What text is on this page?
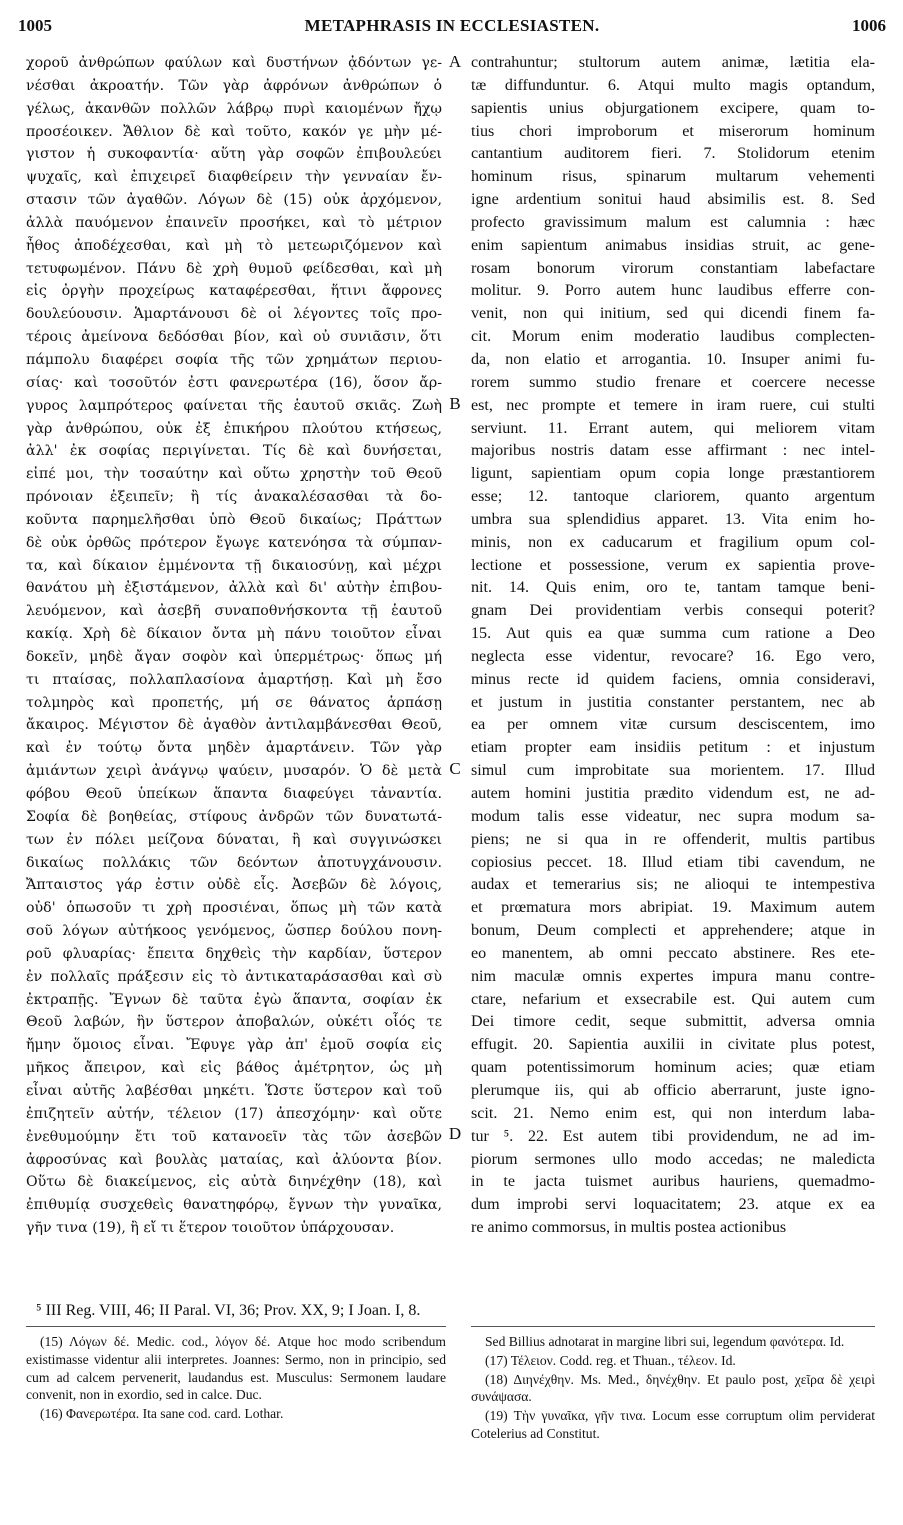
1005	METAPHRASIS IN ECCLESIASTEN.	1006
χοροῦ ἀνθρώπων φαύλων καὶ δυστήνων ᾀδόντων γε-
νέσθαι ἀκροατήν. Τῶν γὰρ ἀφρόνων ἀνθρώπων ὁ
γέλως, ἀκανθῶν πολλῶν λάβρῳ πυρὶ καιομένων ἤχῳ
προσέοικεν. Ἄθλιον δὲ καὶ τοῦτο, κακόν γε μὴν μέ-
γιστον ἡ συκοφαντία· αὕτη γὰρ σοφῶν ἐπιβουλεύει
ψυχαῖς, καὶ ἐπιχειρεῖ διαφθείρειν τὴν γενναίαν ἔν-
στασιν τῶν ἀγαθῶν. Λόγων δὲ (15) οὐκ ἀρχόμενον,
ἀλλὰ παυόμενον ἐπαινεῖν προσήκει, καὶ τὸ μέτριον
ἦθος ἀποδέχεσθαι, καὶ μὴ τὸ μετεωριζόμενον καὶ
τετυφωμένον. Πάνυ δὲ χρὴ θυμοῦ φείδεσθαι, καὶ μὴ
εἰς ὀργὴν προχείρως καταφέρεσθαι, ἥτινι ἄφρονες
δουλεύουσιν. Ἁμαρτάνουσι δὲ οἱ λέγοντες τοῖς προ-
τέροις ἀμείνονα δεδόσθαι βίον, καὶ οὐ συνιᾶσιν, ὅτι
πάμπολυ διαφέρει σοφία τῆς τῶν χρημάτων περιου-
σίας· καὶ τοσοῦτόν ἐστι φανερωτέρα (16), ὅσον ἄρ-
γυρος λαμπρότερος φαίνεται τῆς ἑαυτοῦ σκιᾶς. Ζωὴ
γὰρ ἀνθρώπου, οὐκ ἐξ ἐπικήρου πλούτου κτήσεως,
ἀλλ' ἐκ σοφίας περιγίνεται. Τίς δὲ καὶ δυνήσεται,
εἰπέ μοι, τὴν τοσαύτην καὶ οὕτω χρηστὴν τοῦ Θεοῦ
πρόνοιαν ἐξειπεῖν; ἢ τίς ἀνακαλέσασθαι τὰ δο-
κοῦντα παρημελῆσθαι ὑπὸ Θεοῦ δικαίως; Πράττων
δὲ οὐκ ὀρθῶς πρότερον ἔγωγε κατενόησα τὰ σύμπαν-
τα, καὶ δίκαιον ἐμμένοντα τῇ δικαιοσύνῃ, καὶ μέχρι
θανάτου μὴ ἐξιστάμενον, ἀλλὰ καὶ δι' αὐτὴν ἐπιβου-
λευόμενον, καὶ ἀσεβῆ συναποθνήσκοντα τῇ ἑαυτοῦ
κακίᾳ. Χρὴ δὲ δίκαιον ὄντα μὴ πάνυ τοιοῦτον εἶναι
δοκεῖν, μηδὲ ἄγαν σοφὸν καὶ ὑπερμέτρως· ὅπως μή
τι πταίσας, πολλαπλασίονα ἁμαρτήσῃ. Καὶ μὴ ἔσο
τολμηρὸς καὶ προπετής, μή σε θάνατος ἁρπάσῃ
ἄκαιρος. Μέγιστον δὲ ἀγαθὸν ἀντιλαμβάνεσθαι Θεοῦ,
καὶ ἐν τούτῳ ὄντα μηδὲν ἁμαρτάνειν. Τῶν γὰρ
ἀμιάντων χειρὶ ἀνάγνῳ ψαύειν, μυσαρόν. Ὁ δὲ μετὰ
φόβου Θεοῦ ὑπείκων ἅπαντα διαφεύγει τἀναντία.
Σοφία δὲ βοηθείας, στίφους ἀνδρῶν τῶν δυνατωτά-
των ἐν πόλει μείζονα δύναται, ἢ καὶ συγγινώσκει
δικαίως πολλάκις τῶν δεόντων ἀποτυγχάνουσιν.
Ἄπταιστος γάρ ἐστιν οὐδὲ εἷς. Ἀσεβῶν δὲ λόγοις,
οὐδ' ὁπωσοῦν τι χρὴ προσιέναι, ὅπως μὴ τῶν κατὰ
σοῦ λόγων αὐτήκοος γενόμενος, ὥσπερ δούλου πονη-
ροῦ φλυαρίας· ἔπειτα δηχθεὶς τὴν καρδίαν, ὕστερον
ἐν πολλαῖς πράξεσιν εἰς τὸ ἀντικαταράσασθαι καὶ σὺ
ἐκτραπῇς. Ἔγνων δὲ ταῦτα ἐγὼ ἅπαντα, σοφίαν ἐκ
Θεοῦ λαβών, ἣν ὕστερον ἀποβαλών, οὐκέτι οἷός τε
ἤμην ὅμοιος εἶναι. Ἔφυγε γὰρ ἀπ' ἐμοῦ σοφία εἰς
μῆκος ἄπειρον, καὶ εἰς βάθος ἀμέτρητον, ὡς μὴ
εἶναι αὐτῆς λαβέσθαι μηκέτι. Ὥστε ὕστερον καὶ τοῦ
ἐπιζητεῖν αὐτήν, τέλειον (17) ἀπεσχόμην· καὶ οὔτε
ἐνεθυμούμην ἔτι τοῦ κατανοεῖν τὰς τῶν ἀσεβῶν
ἀφροσύνας καὶ βουλὰς ματαίας, καὶ ἀλύοντα βίον.
Οὕτω δὲ διακείμενος, εἰς αὐτὰ διηνέχθην (18), καὶ
ἐπιθυμίᾳ συσχεθεὶς θανατηφόρῳ, ἔγνων τὴν γυναῖκα,
γῆν τινα (19), ἢ εἴ τι ἕτερον τοιοῦτον ὑπάρχουσαν.
contrahuntur; stultorum autem animæ, lætitia ela-
tæ diffunduntur. 6. Atqui multo magis optandum,
sapientis unius objurgationem excipere, quam to-
tius chori improborum et miserorum hominum
cantantium auditorem fieri. 7. Stolidorum etenim
hominum risus, spinarum multarum vehementi
igne ardentium sonitui haud absimilis est. 8. Sed
profecto gravissimum malum est calumnia : hæc
enim sapientum animabus insidias struit, ac gene-
rosam bonorum virorum constantiam labefactare
molitur. 9. Porro autem hunc laudibus efferre con-
venit, non qui initium, sed qui dicendi finem fa-
cit. Morum enim moderatio laudibus complecten-
da, non elatio et arrogantia. 10. Insuper animi fu-
rorem summo studio frenare et coercere necesse
est, nec prompte et temere in iram ruere, cui stulti
serviunt. 11. Errant autem, qui meliorem vitam
majoribus nostris datam esse affirmant : nec intel-
ligunt, sapientiam opum copia longe præstantiorem
esse; 12. tantoque clariorem, quanto argentum
umbra sua splendidius apparet. 13. Vita enim ho-
minis, non ex caducarum et fragilium opum col-
lectione et possessione, verum ex sapientia prove-
nit. 14. Quis enim, oro te, tantam tamque beni-
gnam Dei providentiam verbis consequi poterit?
15. Aut quis ea quæ summa cum ratione a Deo
neglecta esse videntur, revocare? 16. Ego vero,
minus recte id quidem faciens, omnia consideravi,
et justum in justitia constanter perstantem, nec ab
ea per omnem vitæ cursum desciscentem, imo
etiam propter eam insidiis petitum : et injustum
simul cum improbitate sua morientem. 17. Illud
autem homini justitia prædito videndum est, ne ad-
modum talis esse videatur, nec supra modum sa-
piens; ne si qua in re offenderit, multis partibus
copiosius peccet. 18. Illud etiam tibi cavendum, ne
audax et temerarius sis; ne alioqui te intempestiva
et prœmatura mors abripiat. 19. Maximum autem
bonum, Deum complecti et apprehendere; atque in
eo manentem, ab omni peccato abstinere. Res ete-
nim maculæ omnis expertes impura manu contre-
ctare, nefarium et exsecrabile est. Qui autem cum
Dei timore cedit, seque submittit, adversa omnia
effugit. 20. Sapientia auxilii in civitate plus potest,
quam potentissimorum hominum acies; quæ etiam
plerumque iis, qui ab officio aberrarunt, juste igno-
scit. 21. Nemo enim est, qui non interdum laba-
tur ⁵. 22. Est autem tibi providendum, ne ad im-
piorum sermones ullo modo accedas; ne maledicta
in te jacta tuismet auribus hauriens, quemadmo-
dum improbi servi loquacitatem; 23. atque ex ea
re animo commorsus, in multis postea actionibus
A
B
C
D
⁵ III Reg. VIII, 46; II Paral. VI, 36; Prov. XX, 9; I Joan. I, 8.

(15) Λόγων δέ. Medic. cod., λόγον δέ. Atque hoc modo scribendum existimasse videntur alii interpretes. Joannes: Sermo, non in principio, sed cum ad calcem pervenerit, laudandus est. Musculus: Sermonem laudare convenit, non in exordio, sed in calce. Duc.

(16) Φανερωτέρα. Ita sane cod. card. Lothar.

Sed Billius adnotarat in margine libri sui, legendum φανότερα. Id.

(17) Τέλειον. Codd. reg. et Thuan., τέλεον. Id.

(18) Διηνέχθην. Ms. Med., δηνέχθην. Et paulo post, χεῖρα δὲ χειρὶ συνάψασα.

(19) Τὴν γυναῖκα, γῆν τινα. Locum esse corruptum olim perviderat Cotelerius ad Constitut.
